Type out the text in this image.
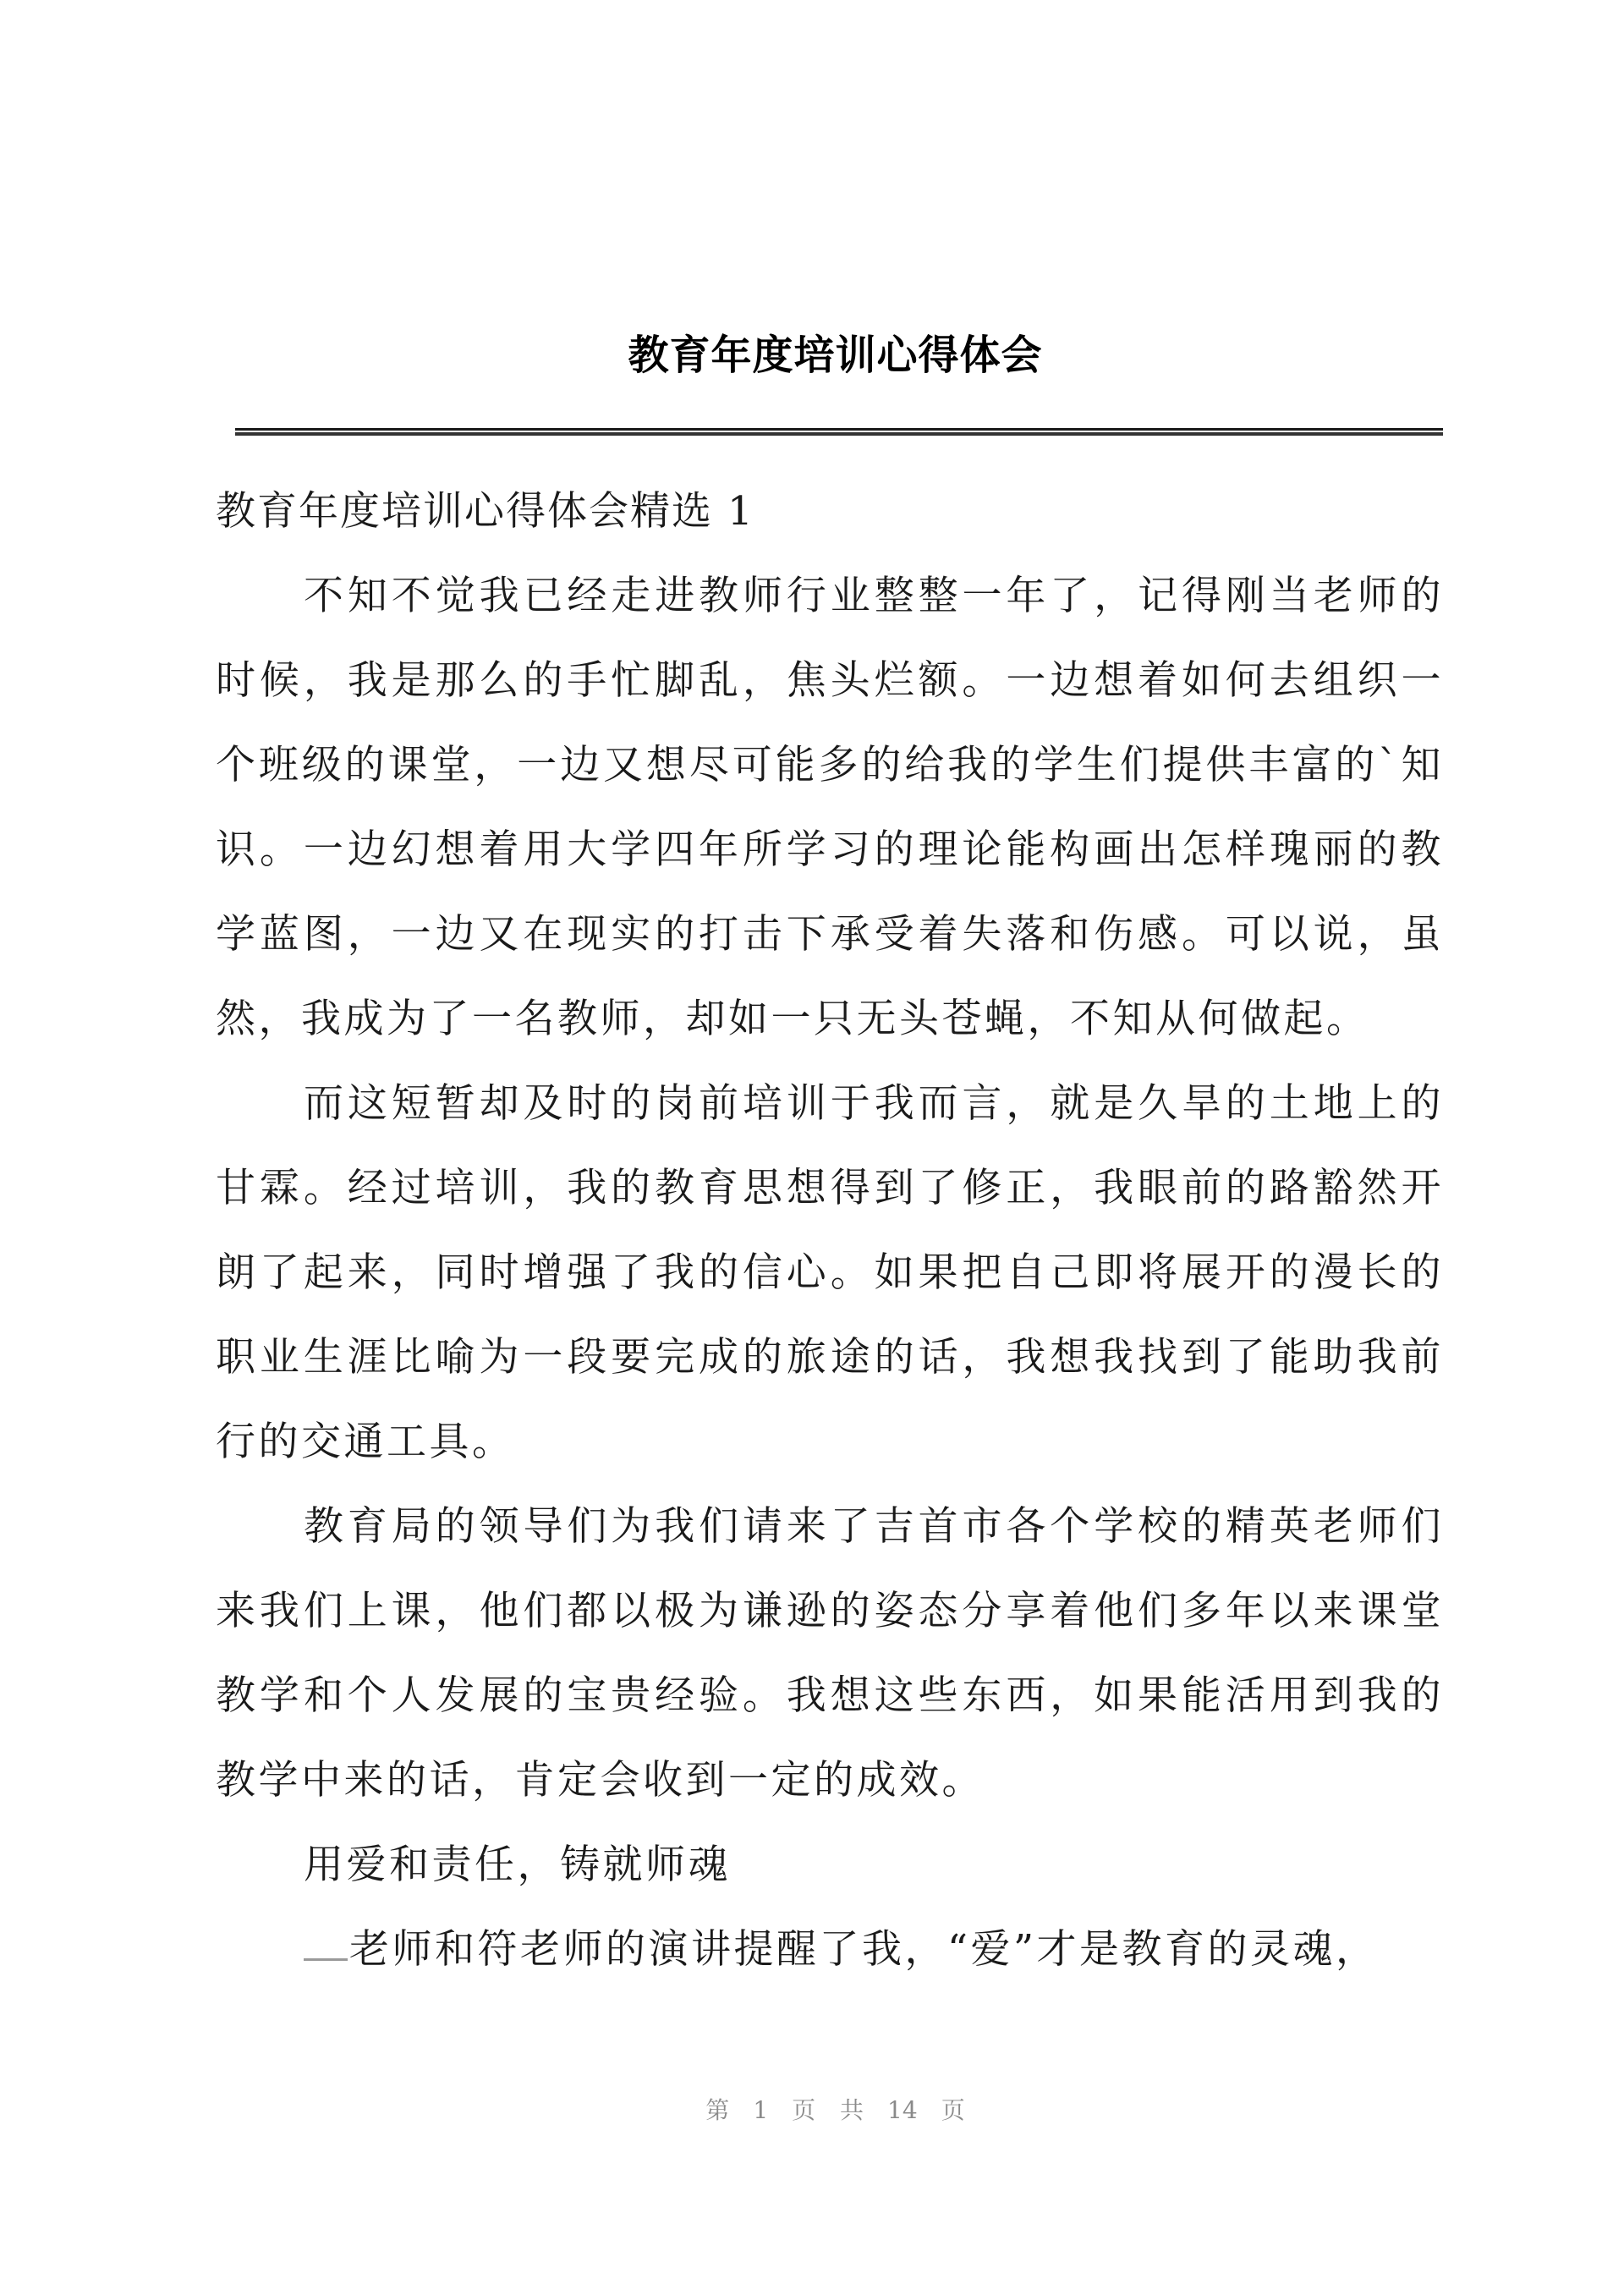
教育年度培训心得体会

教育年度培训心得体会精选 1

不知不觉我已经走进教师行业整整一年了，记得刚当老师的时候，我是那么的手忙脚乱，焦头烂额。一边想着如何去组织一个班级的课堂，一边又想尽可能多的给我的学生们提供丰富的`知识。一边幻想着用大学四年所学习的理论能构画出怎样瑰丽的教学蓝图，一边又在现实的打击下承受着失落和伤感。可以说，虽然，我成为了一名教师，却如一只无头苍蝇，不知从何做起。

而这短暂却及时的岗前培训于我而言，就是久旱的土地上的甘霖。经过培训，我的教育思想得到了修正，我眼前的路豁然开朗了起来，同时增强了我的信心。如果把自己即将展开的漫长的职业生涯比喻为一段要完成的旅途的话，我想我找到了能助我前行的交通工具。

教育局的领导们为我们请来了吉首市各个学校的精英老师们来我们上课，他们都以极为谦逊的姿态分享着他们多年以来课堂教学和个人发展的宝贵经验。我想这些东西，如果能活用到我的教学中来的话，肯定会收到一定的成效。

用爱和责任，铸就师魂

老师和符老师的演讲提醒了我，“爱”才是教育的灵魂，

第 1 页 共 14 页
